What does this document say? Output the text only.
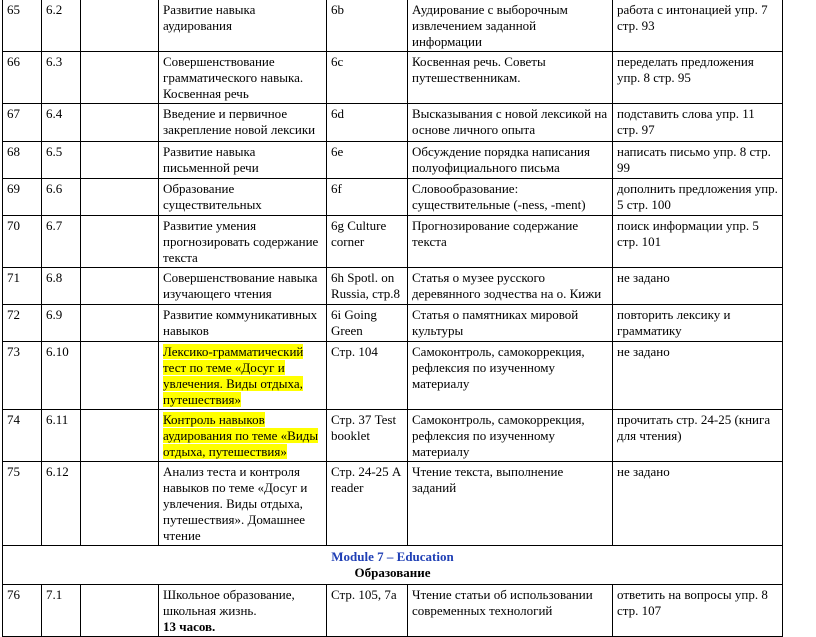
65	6.2		Развитие навыка аудирования	6b	Аудирование с выборочным извлечением заданной информации	работа с интонацией упр. 7 стр. 93
66	6.3		Совершенствование грамматического навыка. Косвенная речь	6c	Косвенная речь. Советы путешественникам.	переделать предложения упр. 8 стр. 95
67	6.4		Введение и первичное закрепление новой лексики	6d	Высказывания с новой лексикой на основе личного опыта	подставить слова упр. 11 стр. 97
68	6.5		Развитие навыка письменной речи	6e	Обсуждение порядка написания полуофициального письма	написать письмо упр. 8 стр. 99
69	6.6		Образование существительных	6f	Словообразование: существительные (-ness, -ment)	дополнить предложения упр. 5 стр. 100
70	6.7		Развитие умения прогнозировать содержание текста	6g Culture corner	Прогнозирование содержание текста	поиск информации упр. 5 стр. 101
71	6.8		Совершенствование навыка изучающего чтения	6h Spotl. on Russia, стр.8	Статья о музее русского деревянного зодчества на о. Кижи	не задано
72	6.9		Развитие коммуникативных навыков	6i Going Green	Статья о памятниках мировой культуры	повторить лексику и грамматику
73	6.10		Лексико-грамматический тест по теме «Досуг и увлечения. Виды отдыха, путешествия»	Стр. 104	Самоконтроль, самокоррекция, рефлексия по изученному материалу	не задано
74	6.11		Контроль навыков аудирования по теме «Виды отдыха, путешествия»	Стр. 37 Test booklet	Самоконтроль, самокоррекция, рефлексия по изученному материалу	прочитать стр. 24-25 (книга для чтения)
75	6.12		Анализ теста и контроля навыков по теме «Досуг и увлечения. Виды отдыха, путешествия». Домашнее чтение	Стр. 24-25 A reader	Чтение текста, выполнение заданий	не задано

Module 7 – Education
Образование						

76	7.1		Школьное образование, школьная жизнь.
13 часов.	Стр. 105, 7a	Чтение статьи об использовании современных технологий	ответить на вопросы упр. 8 стр. 107
